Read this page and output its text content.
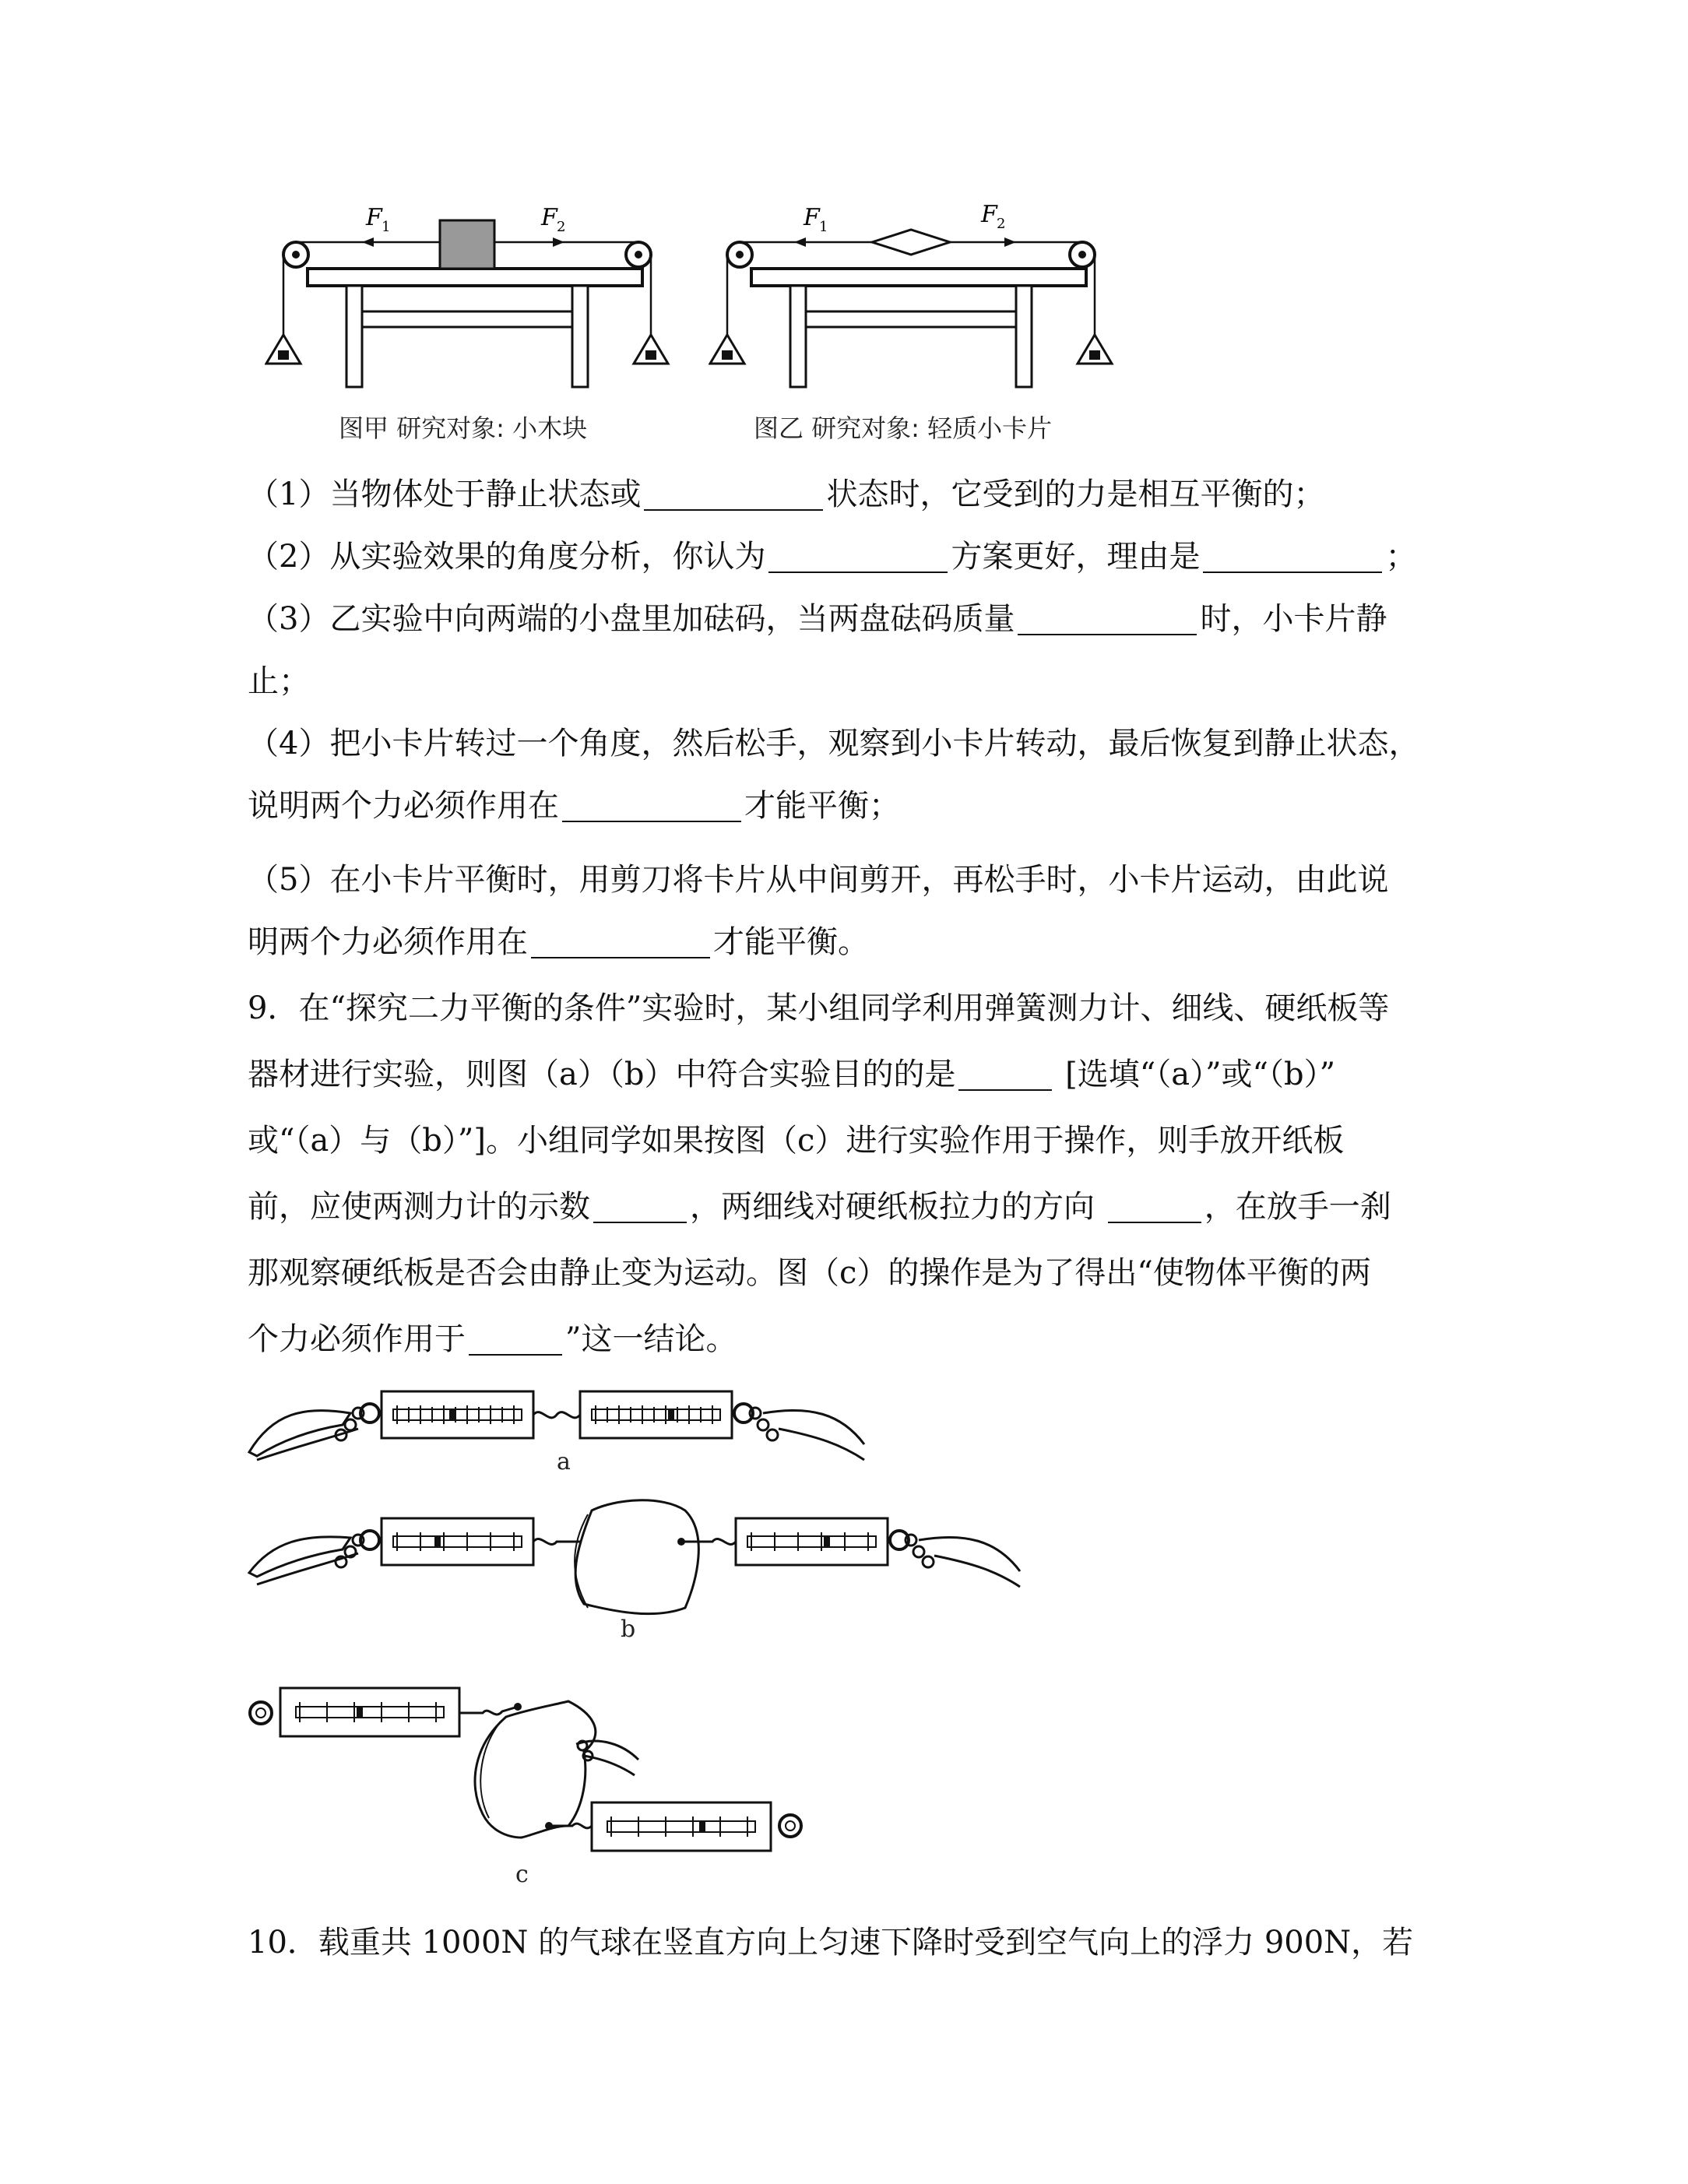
F 1	F 2
图甲 研究对象: 小木块
F 1	F 2
图乙 研究对象: 轻质小卡片
（1）当物体处于静止状态或	状态时，它受到的力是相互平衡的；
（2）从实验效果的角度分析，你认为	方案更好，理由是	；
（3）乙实验中向两端的小盘里加砝码，当两盘砝码质量	时，小卡片静
止；
（4）把小卡片转过一个角度，然后松手，观察到小卡片转动，最后恢复到静止状态，
说明两个力必须作用在	才能平衡；
（5）在小卡片平衡时，用剪刀将卡片从中间剪开，再松手时，小卡片运动，由此说
明两个力必须作用在	才能平衡。
9．在“探究二力平衡的条件”实验时，某小组同学利用弹簧测力计、细线、硬纸板等
器材进行实验，则图（a）（b）中符合实验目的的是	[选填“（a）”或“（b）”
或“（a）与（b）”]。小组同学如果按图（c）进行实验作用于操作，则手放开纸板
前，应使两测力计的示数	，两细线对硬纸板拉力的方向	，在放手一刹
那观察硬纸板是否会由静止变为运动。图（c）的操作是为了得出“使物体平衡的两
个力必须作用于	”这一结论。
a
b
c
10．载重共 1000N 的气球在竖直方向上匀速下降时受到空气向上的浮力 900N，若
